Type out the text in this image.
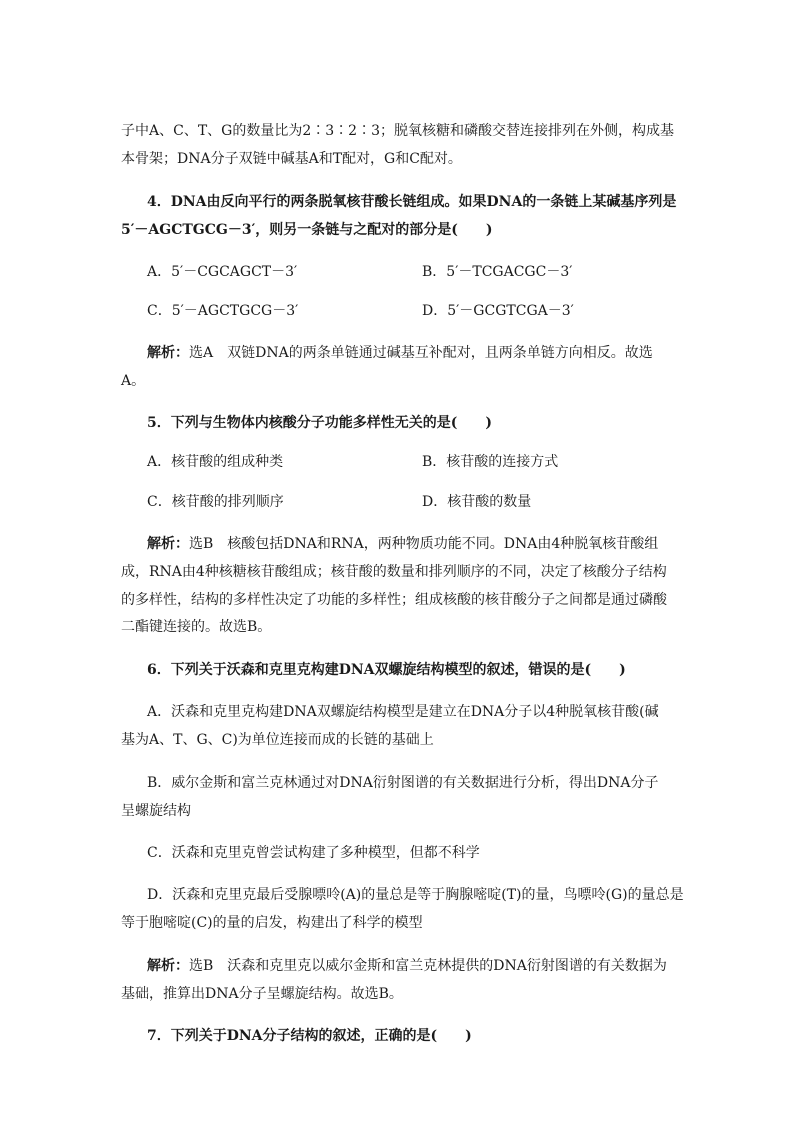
子中A、C、T、G的数量比为2∶3∶2∶3；脱氧核糖和磷酸交替连接排列在外侧，构成基
本骨架；DNA分子双链中碱基A和T配对，G和C配对。
4．DNA由反向平行的两条脱氧核苷酸长链组成。如果DNA的一条链上某碱基序列是
5′－AGCTGCG－3′，则另一条链与之配对的部分是(　　)
A．5′－CGCAGCT－3′	B．5′－TCGACGC－3′
C．5′－AGCTGCG－3′	D．5′－GCGTCGA－3′
解析：选A　双链DNA的两条单链通过碱基互补配对，且两条单链方向相反。故选
A。
5．下列与生物体内核酸分子功能多样性无关的是(　　)
A．核苷酸的组成种类	B．核苷酸的连接方式
C．核苷酸的排列顺序	D．核苷酸的数量
解析：选B　核酸包括DNA和RNA，两种物质功能不同。DNA由4种脱氧核苷酸组
成，RNA由4种核糖核苷酸组成；核苷酸的数量和排列顺序的不同，决定了核酸分子结构
的多样性，结构的多样性决定了功能的多样性；组成核酸的核苷酸分子之间都是通过磷酸
二酯键连接的。故选B。
6．下列关于沃森和克里克构建DNA双螺旋结构模型的叙述，错误的是(　　)
A．沃森和克里克构建DNA双螺旋结构模型是建立在DNA分子以4种脱氧核苷酸(碱
基为A、T、G、C)为单位连接而成的长链的基础上
B．威尔金斯和富兰克林通过对DNA衍射图谱的有关数据进行分析，得出DNA分子
呈螺旋结构
C．沃森和克里克曾尝试构建了多种模型，但都不科学
D．沃森和克里克最后受腺嘌呤(A)的量总是等于胸腺嘧啶(T)的量，鸟嘌呤(G)的量总是
等于胞嘧啶(C)的量的启发，构建出了科学的模型
解析：选B　沃森和克里克以威尔金斯和富兰克林提供的DNA衍射图谱的有关数据为
基础，推算出DNA分子呈螺旋结构。故选B。
7．下列关于DNA分子结构的叙述，正确的是(　　)
